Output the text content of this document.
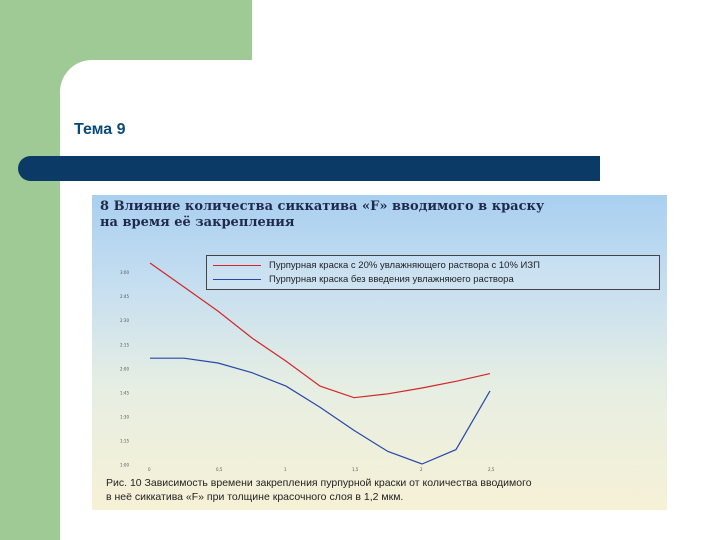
Тема 9
8 Влияние количества сиккатива «F» вводимого в краску
на время её закрепления
1:00
1:15
1:30
1:45
2:00
2:15
2:30
2:45
3:00
0	0,5	1	1,5	2	2,5
Пурпурная краска с 20% увлажняющего раствора с 10% ИЗП
Пурпурная краска без введения увлажняюего раствора
Рис. 10 Зависимость времени закрепления пурпурной краски от количества вводимого
в неё сиккатива «F» при толщине красочного слоя в 1,2 мкм.
